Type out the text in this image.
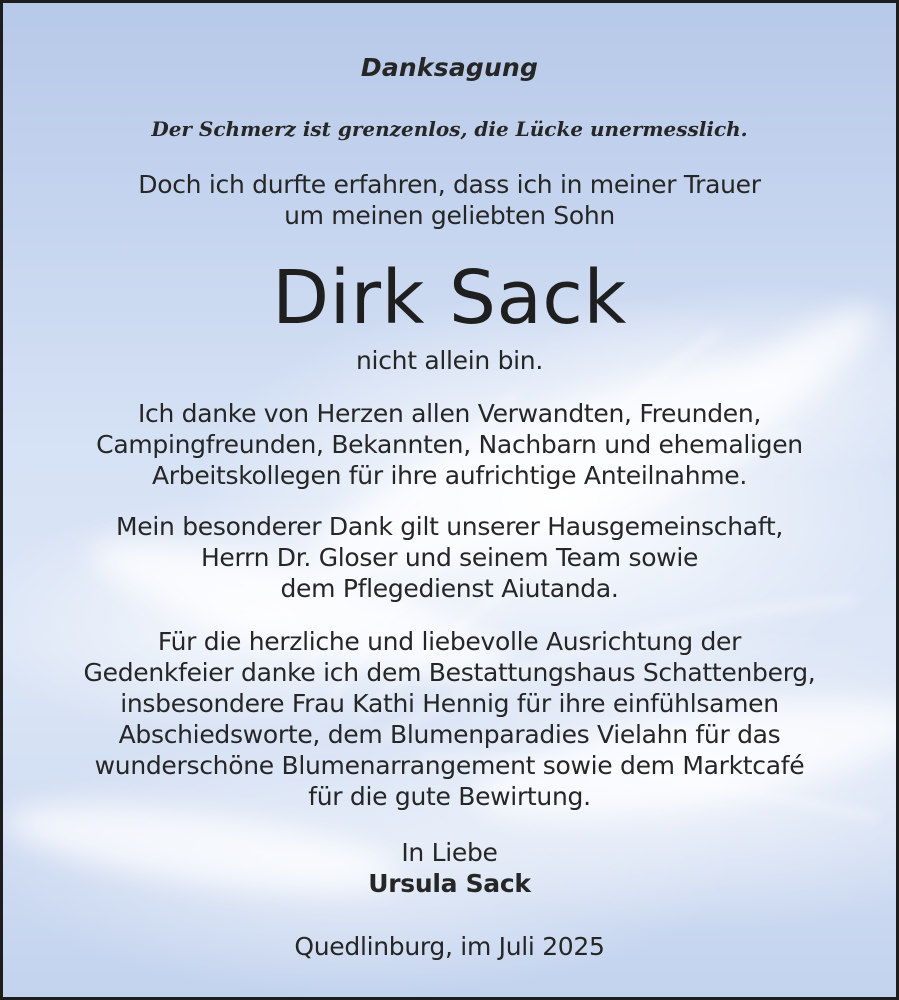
Danksagung
Der Schmerz ist grenzenlos, die Lücke unermesslich.
Doch ich durfte erfahren, dass ich in meiner Trauer
um meinen geliebten Sohn
Dirk Sack
nicht allein bin.
Ich danke von Herzen allen Verwandten, Freunden,
Campingfreunden, Bekannten, Nachbarn und ehemaligen
Arbeitskollegen für ihre aufrichtige Anteilnahme.
Mein besonderer Dank gilt unserer Hausgemeinschaft,
Herrn Dr. Gloser und seinem Team sowie
dem Pflegedienst Aiutanda.
Für die herzliche und liebevolle Ausrichtung der
Gedenkfeier danke ich dem Bestattungshaus Schattenberg,
insbesondere Frau Kathi Hennig für ihre einfühlsamen
Abschiedsworte, dem Blumenparadies Vielahn für das
wunderschöne Blumenarrangement sowie dem Marktcafé
für die gute Bewirtung.
In Liebe
Ursula Sack
Quedlinburg, im Juli 2025
